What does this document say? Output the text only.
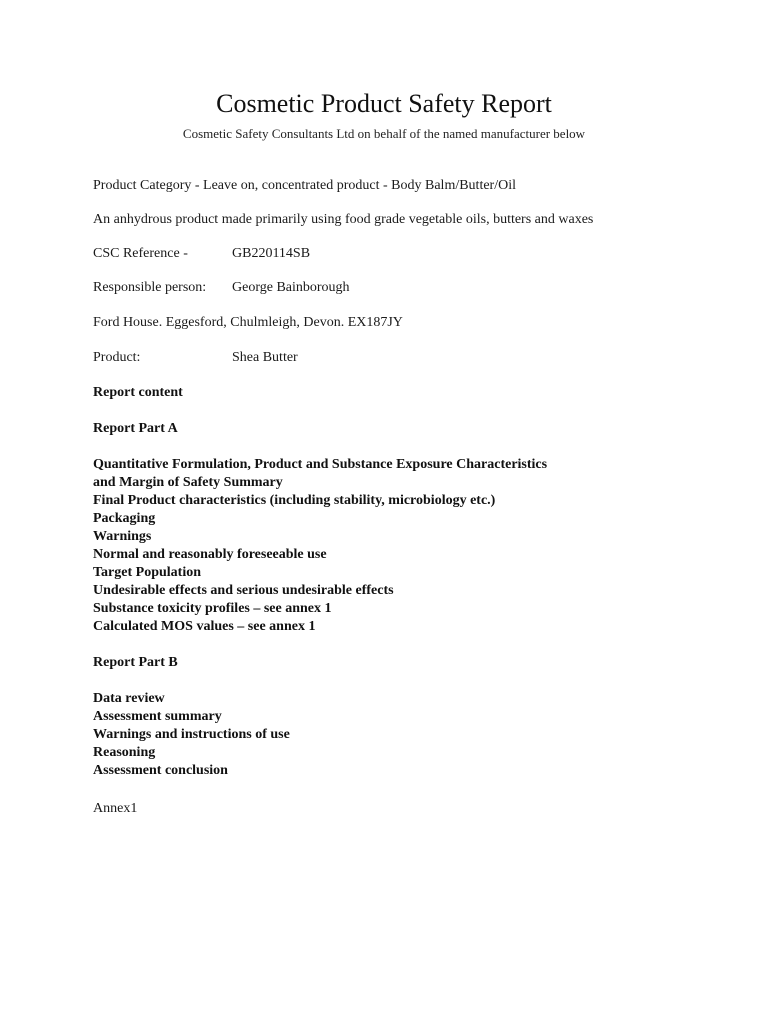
Cosmetic Product Safety Report
Cosmetic Safety Consultants Ltd on behalf of the named manufacturer below
Product Category - Leave on, concentrated product - Body Balm/Butter/Oil
An anhydrous product made primarily using food grade vegetable oils, butters and waxes
CSC Reference -	GB220114SB
Responsible person: George Bainborough
Ford House. Eggesford, Chulmleigh, Devon. EX187JY
Product:	Shea Butter
Report content
Report Part A
Quantitative Formulation, Product and Substance Exposure Characteristics
and Margin of Safety Summary
Final Product characteristics (including stability, microbiology etc.)
Packaging
Warnings
Normal and reasonably foreseeable use
Target Population
Undesirable effects and serious undesirable effects
Substance toxicity profiles – see annex 1
Calculated MOS values – see annex 1
Report Part B
Data review
Assessment summary
Warnings and instructions of use
Reasoning
Assessment conclusion
Annex1
